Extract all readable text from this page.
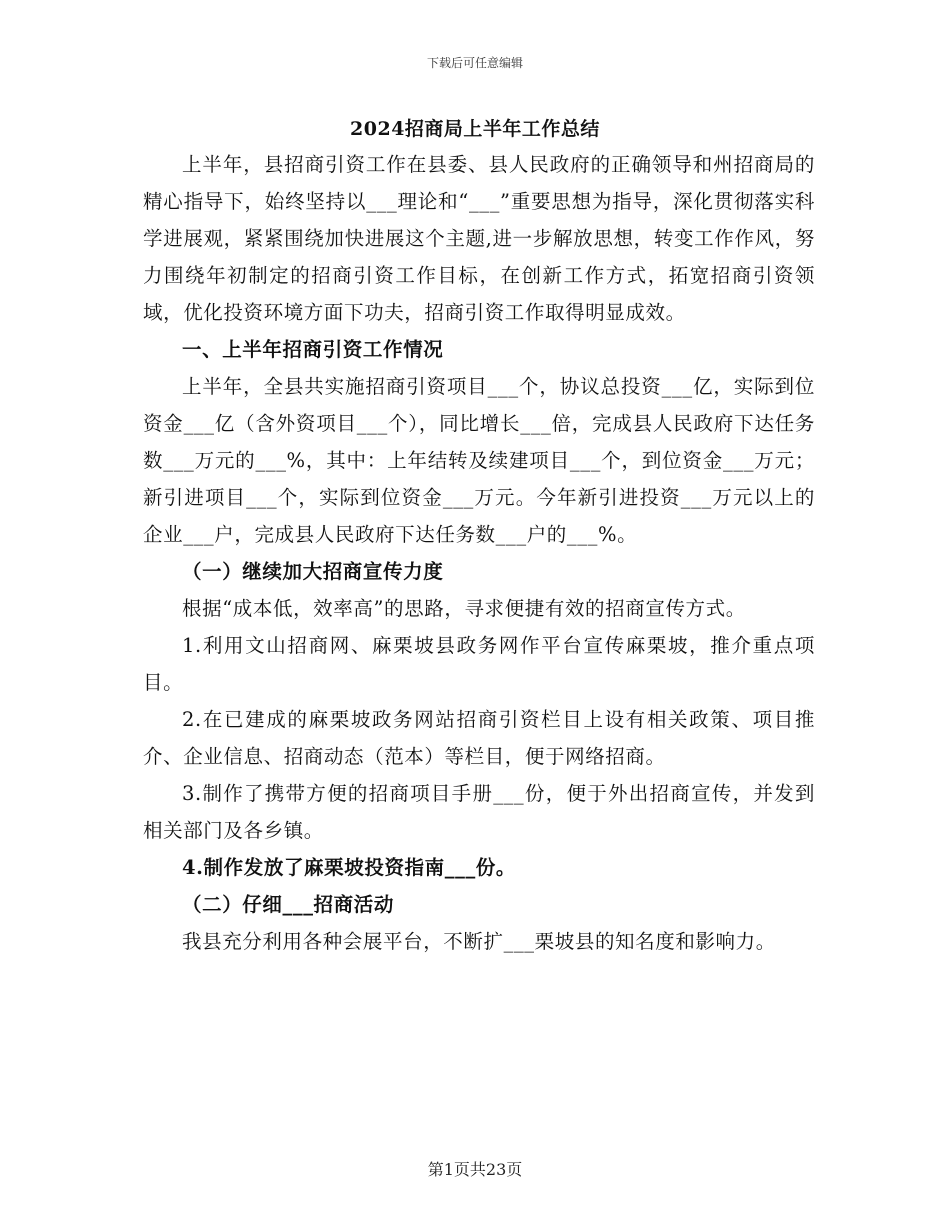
下载后可任意编辑
2024招商局上半年工作总结

上半年，县招商引资工作在县委、县人民政府的正确领导和州招商局的精心指导下，始终坚持以___理论和“___”重要思想为指导，深化贯彻落实科学进展观，紧紧围绕加快进展这个主题,进一步解放思想，转变工作作风，努力围绕年初制定的招商引资工作目标，在创新工作方式，拓宽招商引资领域，优化投资环境方面下功夫，招商引资工作取得明显成效。

一、上半年招商引资工作情况

上半年，全县共实施招商引资项目___个，协议总投资___亿，实际到位资金___亿（含外资项目___个），同比增长___倍，完成县人民政府下达任务数___万元的___%，其中：上年结转及续建项目___个，到位资金___万元；新引进项目___个，实际到位资金___万元。今年新引进投资___万元以上的企业___户，完成县人民政府下达任务数___户的___%。

（一）继续加大招商宣传力度

根据“成本低，效率高”的思路，寻求便捷有效的招商宣传方式。

1.利用文山招商网、麻栗坡县政务网作平台宣传麻栗坡，推介重点项目。

2.在已建成的麻栗坡政务网站招商引资栏目上设有相关政策、项目推介、企业信息、招商动态（范本）等栏目，便于网络招商。

3.制作了携带方便的招商项目手册___份，便于外出招商宣传，并发到相关部门及各乡镇。

4.制作发放了麻栗坡投资指南___份。

（二）仔细___招商活动

我县充分利用各种会展平台，不断扩___栗坡县的知名度和影响力。

第1页共23页
